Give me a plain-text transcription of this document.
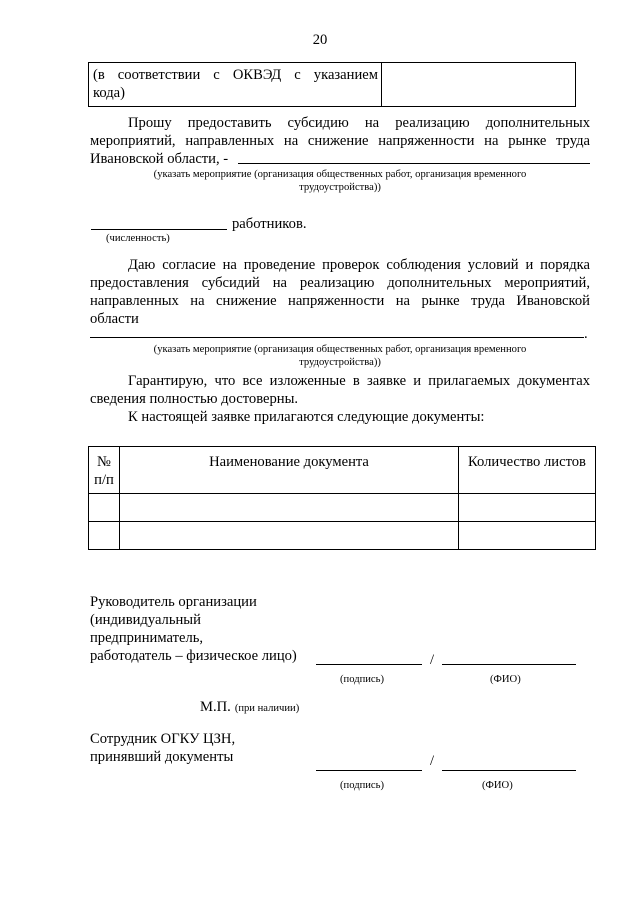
20
(в соответствии с ОКВЭД с указанием
кода)

Прошу предоставить субсидию на реализацию дополнительных
мероприятий, направленных на снижение напряженности на рынке труда
Ивановской области, -
(указать мероприятие (организация общественных работ, организация временного
трудоустройства))
работников.
(численность)
Даю согласие на проведение проверок соблюдения условий и порядка
предоставления субсидий на реализацию дополнительных мероприятий,
направленных на снижение напряженности на рынке труда Ивановской
области
.
(указать мероприятие (организация общественных работ, организация временного
трудоустройства))
Гарантирую, что все изложенные в заявке и прилагаемых документах
сведения полностью достоверны.
К настоящей заявке прилагаются следующие документы:
№
п/п	Наименование документа	Количество листов

Руководитель организации
(индивидуальный
предприниматель,
работодатель – физическое лицо)	/
(подпись)	(ФИО)
М.П. (при наличии)
Сотрудник ОГКУ ЦЗН,
принявший документы	/
(подпись)	(ФИО)
